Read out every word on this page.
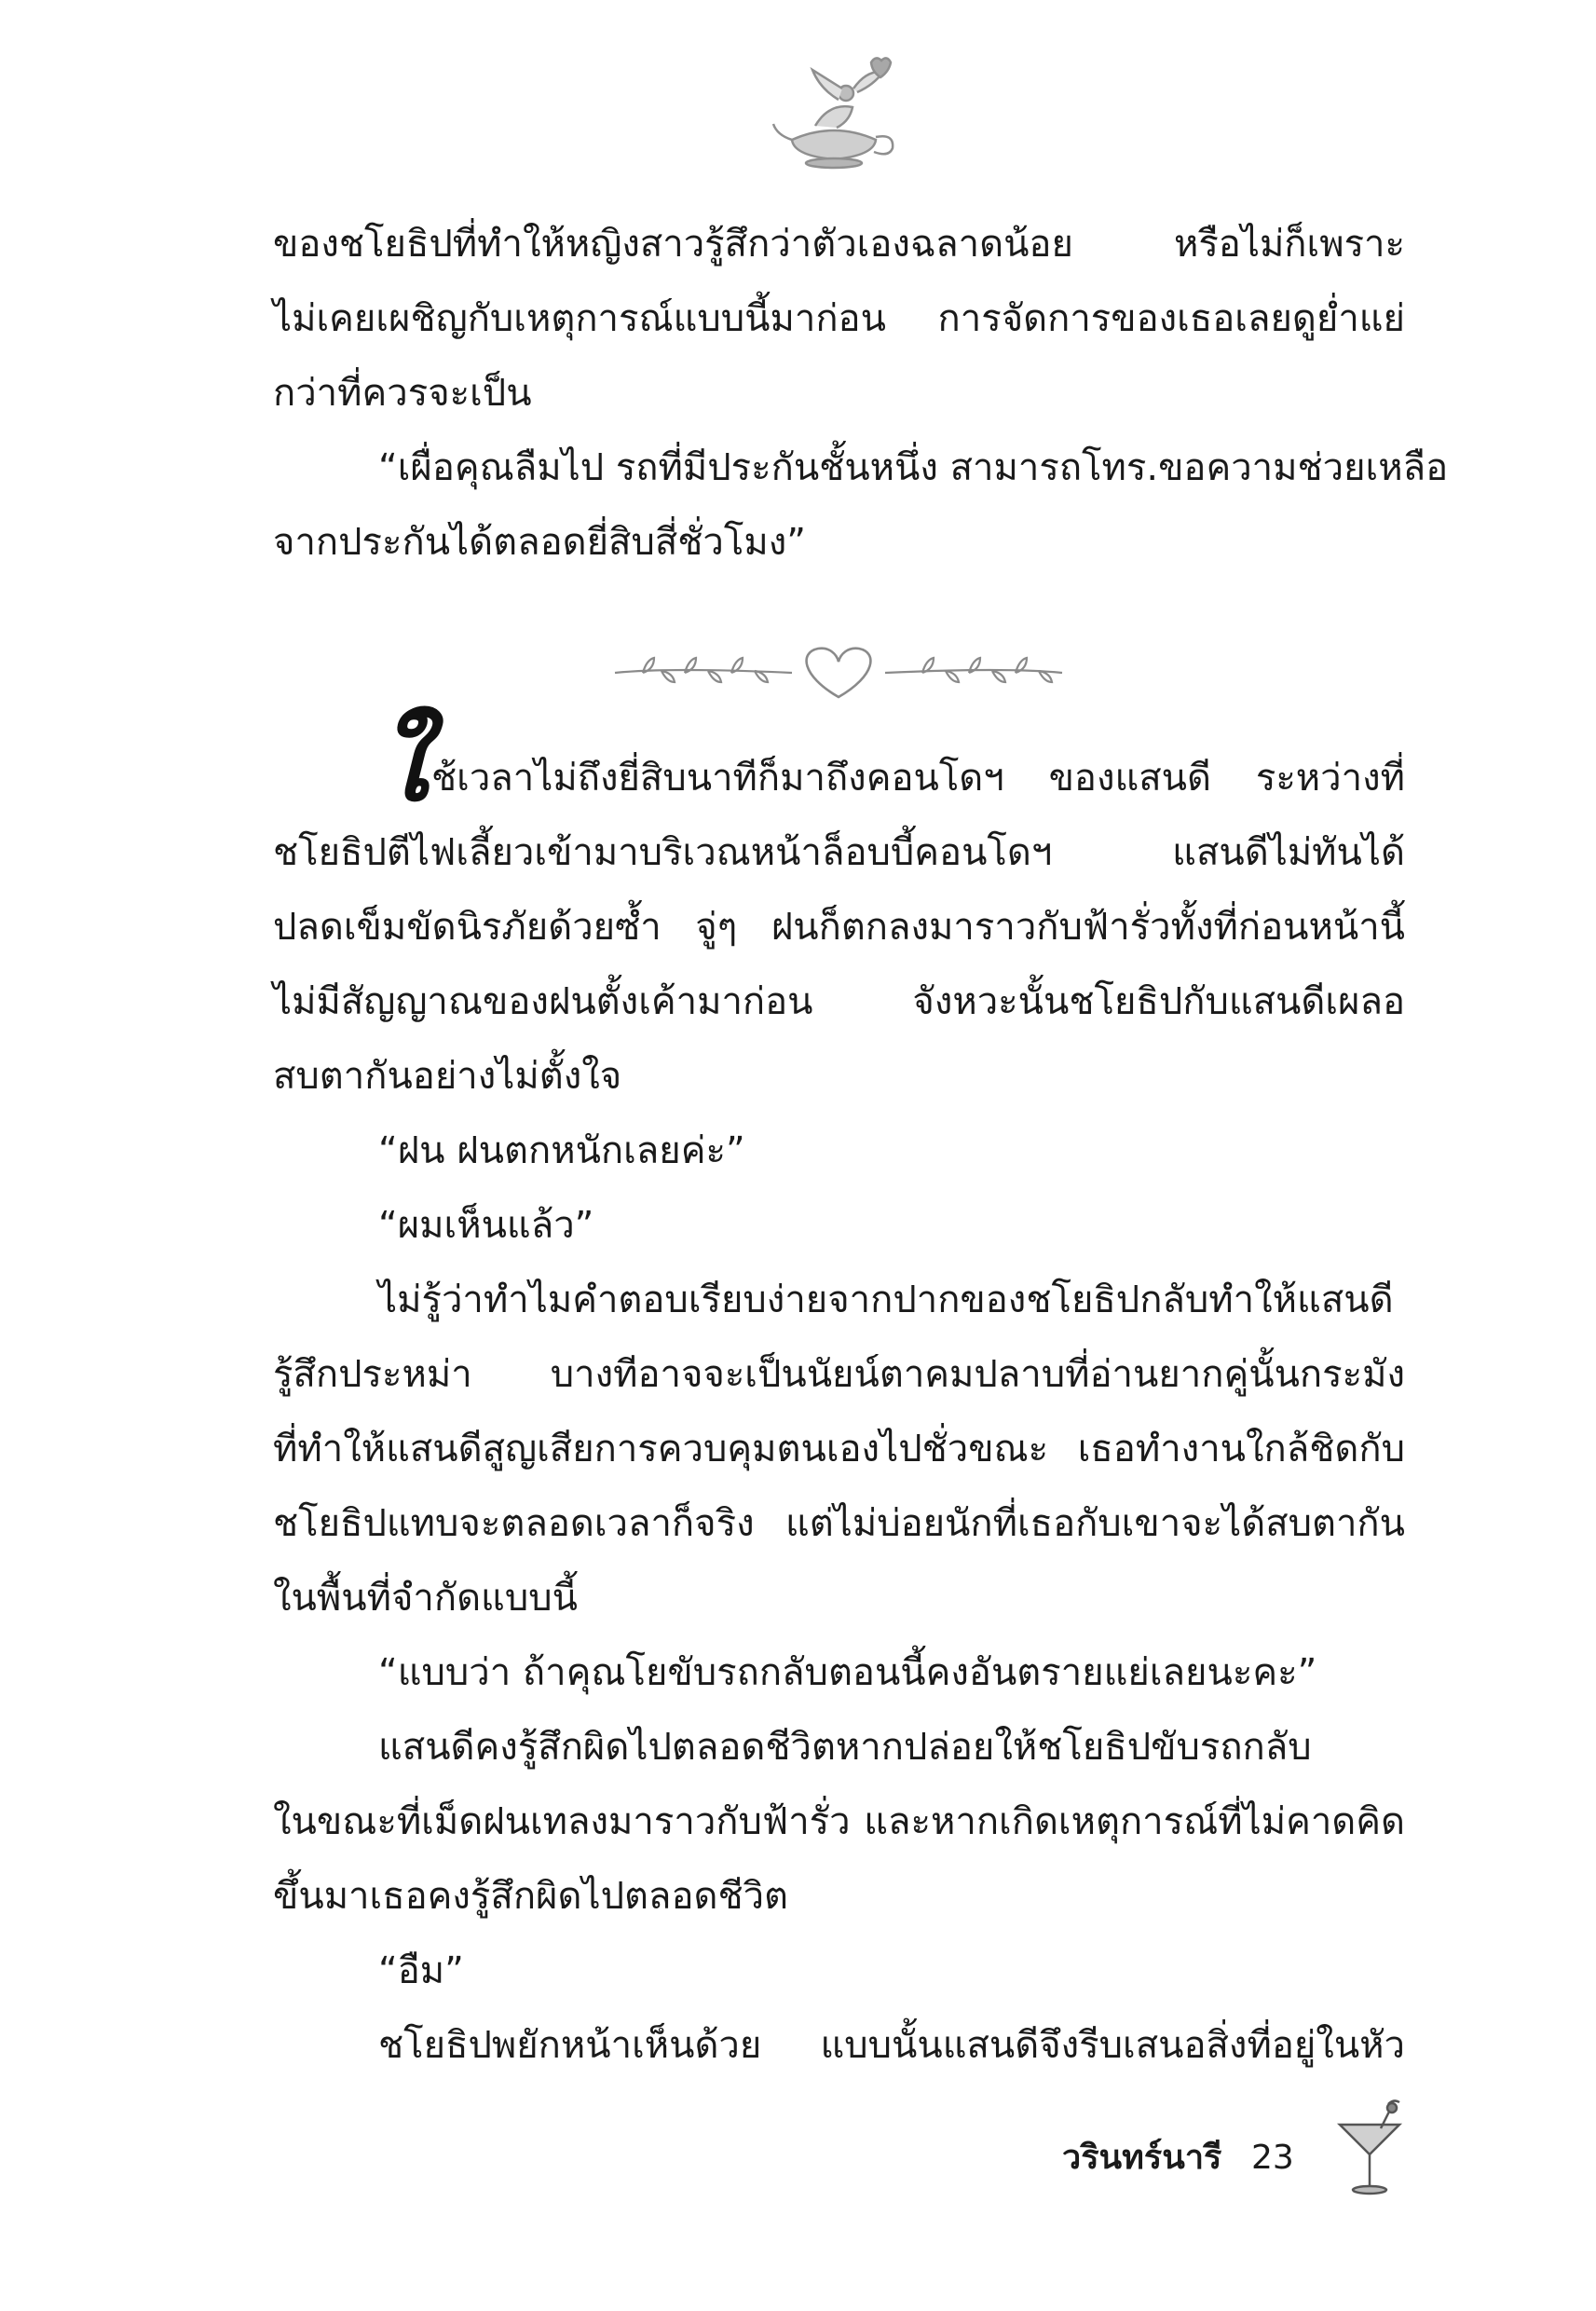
ของชโยธิปที่ทำให้หญิงสาวรู้สึกว่าตัวเองฉลาดน้อย หรือไม่ก็เพราะ
ไม่เคยเผชิญกับเหตุการณ์แบบนี้มาก่อน การจัดการของเธอเลยดูย่ำแย่
กว่าที่ควรจะเป็น
“เผื่อคุณลืมไป รถที่มีประกันชั้นหนึ่ง สามารถโทร.ขอความช่วยเหลือ
จากประกันได้ตลอดยี่สิบสี่ชั่วโมง”
ใ ช้เวลาไม่ถึงยี่สิบนาทีก็มาถึงคอนโดฯ ของแสนดี ระหว่างที่
ชโยธิปตีไฟเลี้ยวเข้ามาบริเวณหน้าล็อบบี้คอนโดฯ แสนดีไม่ทันได้
ปลดเข็มขัดนิรภัยด้วยซ้ำ จู่ๆ ฝนก็ตกลงมาราวกับฟ้ารั่วทั้งที่ก่อนหน้านี้
ไม่มีสัญญาณของฝนตั้งเค้ามาก่อน จังหวะนั้นชโยธิปกับแสนดีเผลอ
สบตากันอย่างไม่ตั้งใจ
“ฝน ฝนตกหนักเลยค่ะ”
“ผมเห็นแล้ว”
ไม่รู้ว่าทำไมคำตอบเรียบง่ายจากปากของชโยธิปกลับทำให้แสนดี
รู้สึกประหม่า บางทีอาจจะเป็นนัยน์ตาคมปลาบที่อ่านยากคู่นั้นกระมัง
ที่ทำให้แสนดีสูญเสียการควบคุมตนเองไปชั่วขณะ เธอทำงานใกล้ชิดกับ
ชโยธิปแทบจะตลอดเวลาก็จริง แต่ไม่บ่อยนักที่เธอกับเขาจะได้สบตากัน
ในพื้นที่จำกัดแบบนี้
“แบบว่า ถ้าคุณโยขับรถกลับตอนนี้คงอันตรายแย่เลยนะคะ”
แสนดีคงรู้สึกผิดไปตลอดชีวิตหากปล่อยให้ชโยธิปขับรถกลับ
ในขณะที่เม็ดฝนเทลงมาราวกับฟ้ารั่ว และหากเกิดเหตุการณ์ที่ไม่คาดคิด
ขึ้นมาเธอคงรู้สึกผิดไปตลอดชีวิต
“อืม”
ชโยธิปพยักหน้าเห็นด้วย แบบนั้นแสนดีจึงรีบเสนอสิ่งที่อยู่ในหัว
วรินทร์นารี 23
